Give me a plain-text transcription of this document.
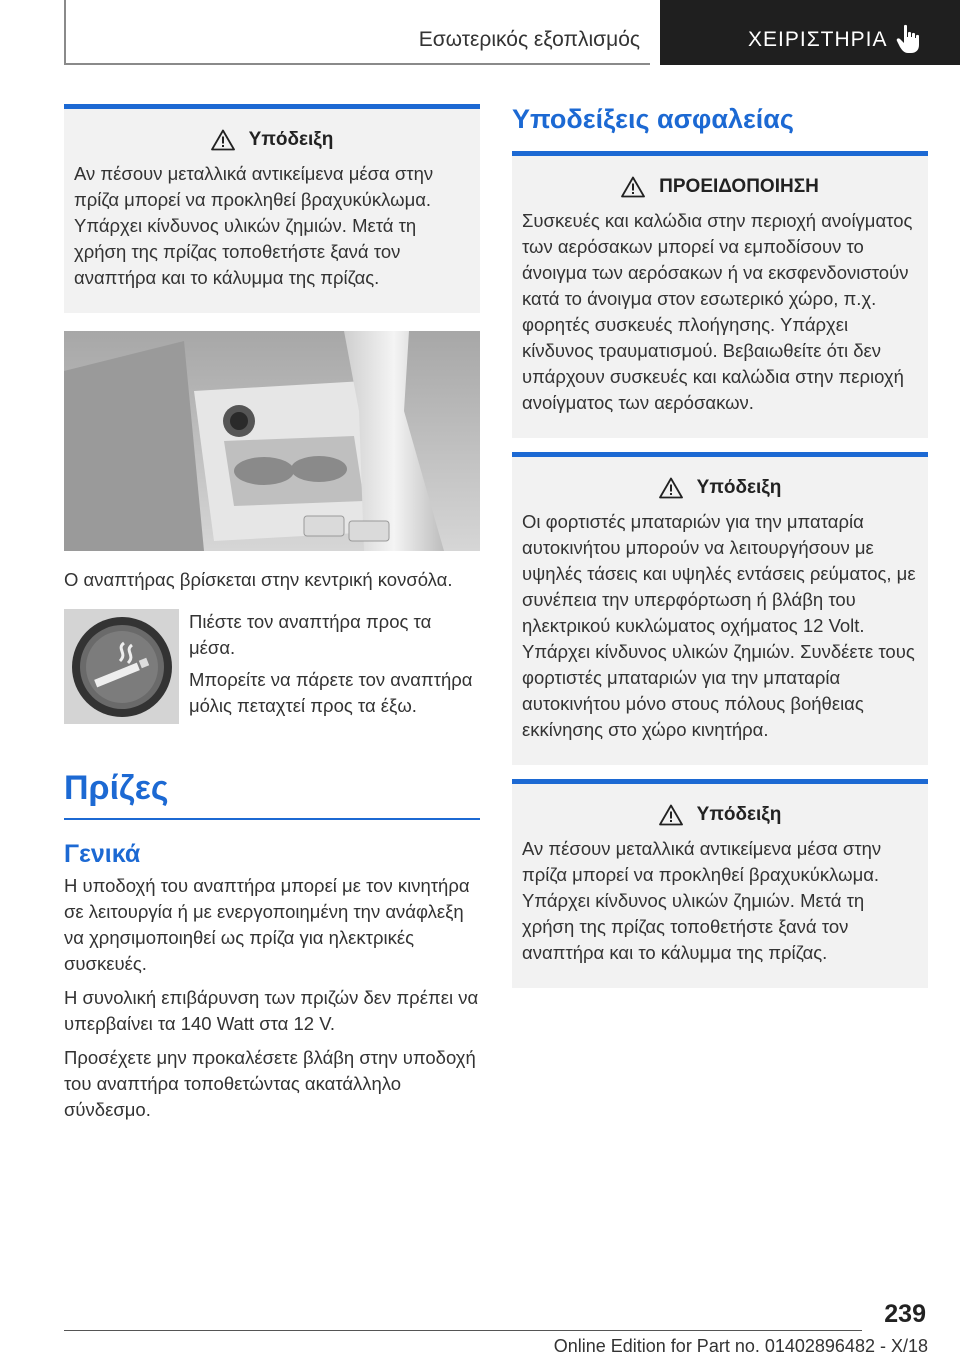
Εσωτερικός εξοπλισμός	ΧΕΙΡΙΣΤΗΡΙΑ
Υπόδειξη

Αν πέσουν μεταλλικά αντικείμενα μέσα στην πρίζα μπορεί να προκληθεί βραχυκύκλωμα. Υπάρχει κίνδυνος υλικών ζημιών. Μετά τη χρήση της πρίζας τοποθετήστε ξανά τον αναπτήρα και το κάλυμμα της πρίζας.

Ο αναπτήρας βρίσκεται στην κεντρική κονσόλα.

Πιέστε τον αναπτήρα προς τα μέσα.

Μπορείτε να πάρετε τον αναπτήρα μόλις πεταχτεί προς τα έξω.

Πρίζες
Γενικά

Η υποδοχή του αναπτήρα μπορεί με τον κινητήρα σε λειτουργία ή με ενεργοποιημένη την ανάφλεξη να χρησιμοποιηθεί ως πρίζα για ηλεκτρικές συσκευές.

Η συνολική επιβάρυνση των πριζών δεν πρέπει να υπερβαίνει τα 140 Watt στα 12 V.

Προσέχετε μην προκαλέσετε βλάβη στην υποδοχή του αναπτήρα τοποθετώντας ακατάλληλο σύνδεσμο.

Υποδείξεις ασφαλείας
ΠΡΟΕΙΔΟΠΟΙΗΣΗ

Συσκευές και καλώδια στην περιοχή ανοίγματος των αερόσακων μπορεί να εμποδίσουν το άνοιγμα των αερόσακων ή να εκσφενδονιστούν κατά το άνοιγμα στον εσωτερικό χώρο, π.χ. φορητές συσκευές πλοήγησης. Υπάρχει κίνδυνος τραυματισμού. Βεβαιωθείτε ότι δεν υπάρχουν συσκευές και καλώδια στην περιοχή ανοίγματος των αερόσακων.

Υπόδειξη

Οι φορτιστές μπαταριών για την μπαταρία αυτοκινήτου μπορούν να λειτουργήσουν με υψηλές τάσεις και υψηλές εντάσεις ρεύματος, με συνέπεια την υπερφόρτωση ή βλάβη του ηλεκτρικού κυκλώματος οχήματος 12 Volt. Υπάρχει κίνδυνος υλικών ζημιών. Συνδέετε τους φορτιστές μπαταριών για την μπαταρία αυτοκινήτου μόνο στους πόλους βοήθειας εκκίνησης στο χώρο κινητήρα.

Υπόδειξη

Αν πέσουν μεταλλικά αντικείμενα μέσα στην πρίζα μπορεί να προκληθεί βραχυκύκλωμα. Υπάρχει κίνδυνος υλικών ζημιών. Μετά τη χρήση της πρίζας τοποθετήστε ξανά τον αναπτήρα και το κάλυμμα της πρίζας.

239
Online Edition for Part no. 01402896482 - X/18
